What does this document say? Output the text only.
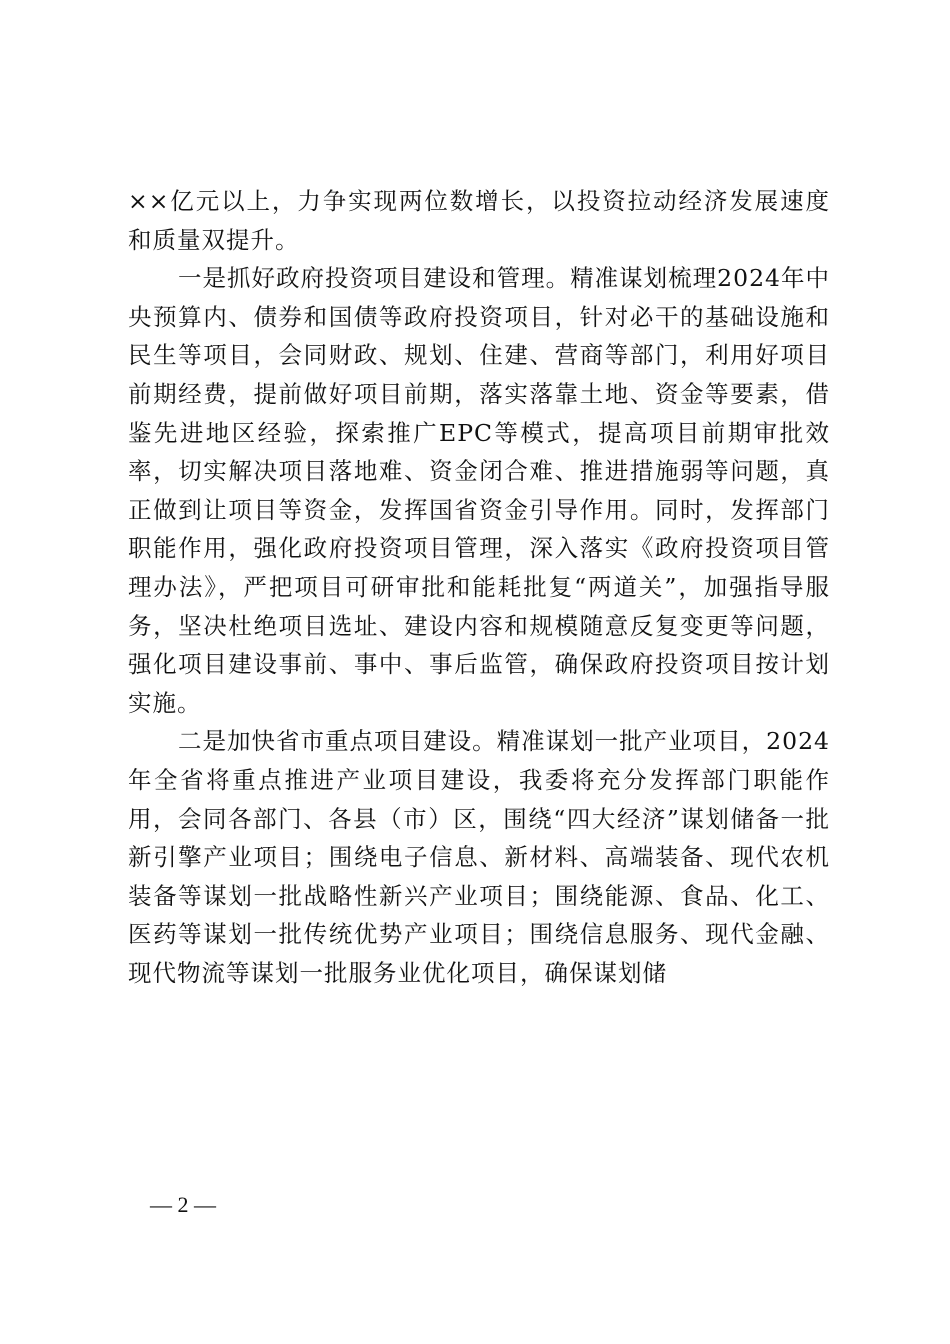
××亿元以上，力争实现两位数增长，以投资拉动经济发展速度和质量双提升。

一是抓好政府投资项目建设和管理。精准谋划梳理2024年中央预算内、债券和国债等政府投资项目，针对必干的基础设施和民生等项目，会同财政、规划、住建、营商等部门，利用好项目前期经费，提前做好项目前期，落实落靠土地、资金等要素，借鉴先进地区经验，探索推广EPC等模式，提高项目前期审批效率，切实解决项目落地难、资金闭合难、推进措施弱等问题，真正做到让项目等资金，发挥国省资金引导作用。同时，发挥部门职能作用，强化政府投资项目管理，深入落实《政府投资项目管理办法》，严把项目可研审批和能耗批复“两道关”，加强指导服务，坚决杜绝项目选址、建设内容和规模随意反复变更等问题，强化项目建设事前、事中、事后监管，确保政府投资项目按计划实施。

二是加快省市重点项目建设。精准谋划一批产业项目，2024年全省将重点推进产业项目建设，我委将充分发挥部门职能作用，会同各部门、各县（市）区，围绕“四大经济”谋划储备一批新引擎产业项目；围绕电子信息、新材料、高端装备、现代农机装备等谋划一批战略性新兴产业项目；围绕能源、食品、化工、医药等谋划一批传统优势产业项目；围绕信息服务、现代金融、现代物流等谋划一批服务业优化项目，确保谋划储

— 2 —
